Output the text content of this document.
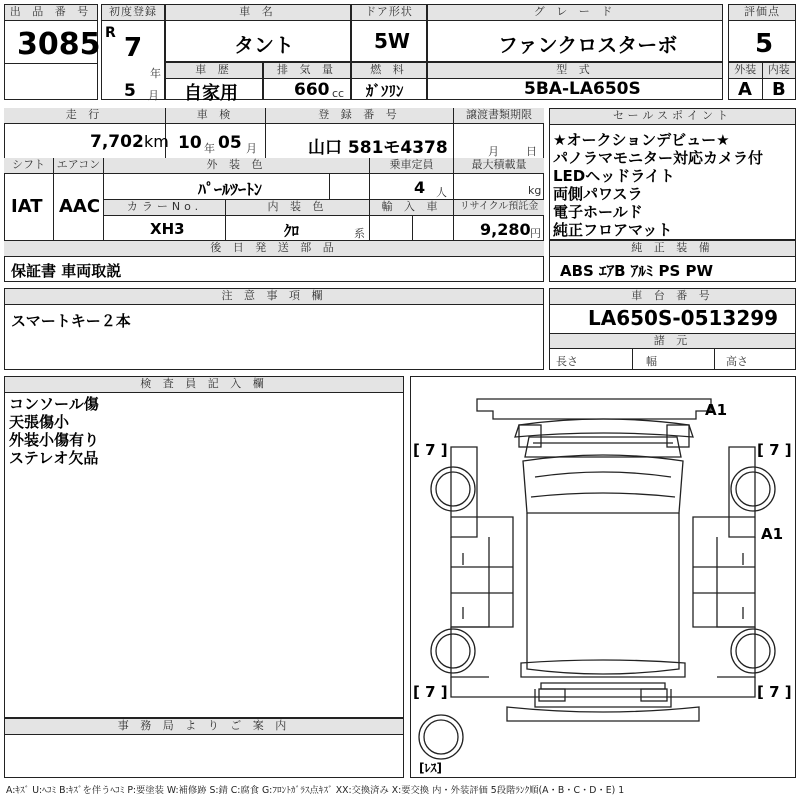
出 品 番 号
3085
初度登録
R 7
年
5 月
車 名
タント
ドア形状
5W
グ レ ー ド
ファンクロスターボ
評価点
5
車 歴
自家用
排 気 量
660 cc
燃 料
ｶﾞｿﾘﾝ
型 式
5BA-LA650S
外装	内装
A B
走 行
7,702 km
車 検
10 年 05 月
登 録 番 号
山口 581モ4378
譲渡書類期限
月 日
シフト
IAT
エアコン
AAC
外 装 色
ﾊﾟｰﾙﾂｰﾄﾝ
乗車定員
4 人
最大積載量
kg
カラーNo.
XH3
内 装 色
ｸﾛ	系
輸 入 車	リサイクル預託金
9,280 円
後 日 発 送 部 品
保証書 車両取説
セールスポイント
★オークションデビュー★
パノラマモニター対応カメラ付
LEDヘッドライト
両側パワスラ
電子ホールド
純正フロアマット
純 正 装 備
ABS ｴｱB ｱﾙﾐ PS PW
注 意 事 項 欄
スマートキー２本
車 台 番 号
LA650S-0513299
諸 元
長さ	幅	高さ
検 査 員 記 入 欄
コンソール傷
天張傷小
外装小傷有り
ステレオ欠品
事 務 局 よ り ご 案 内
A1
A1
[ 7 ]	[ 7 ]
[ 7 ]	[ 7 ]
[ﾚｽ]
A:ｷｽﾞ U:ﾍｺﾐ B:ｷｽﾞを伴うﾍｺﾐ P:要塗装 W:補修跡 S:錆 C:腐食 G:ﾌﾛﾝﾄｶﾞﾗｽ点ｷｽﾞ XX:交換済み X:要交換 内・外装評価 5段階ﾗﾝｸ順(A・B・C・D・E) 1
